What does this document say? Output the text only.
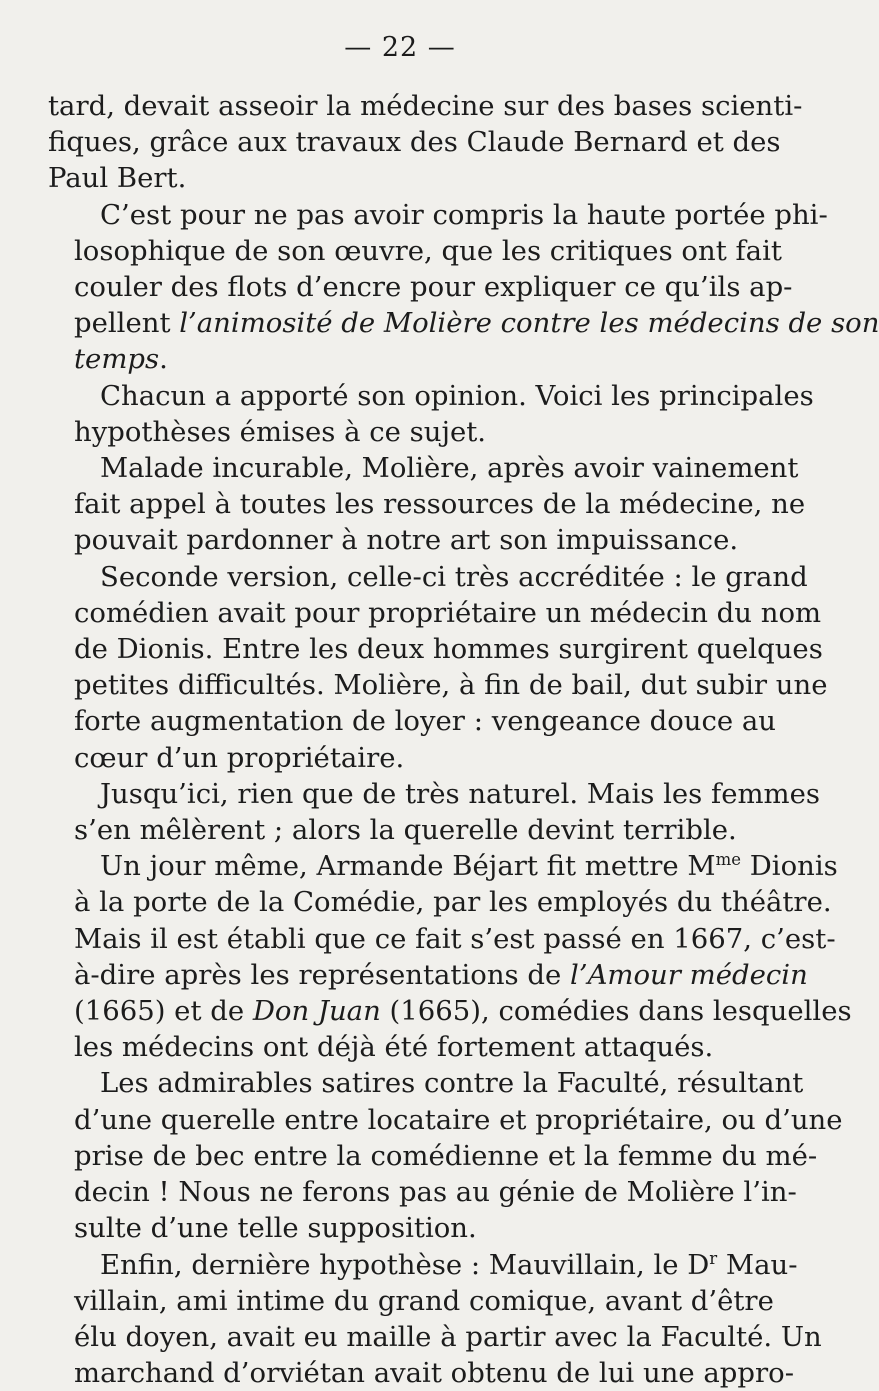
— 22 —

tard, devait asseoir la médecine sur des bases scienti-
fiques, grâce aux travaux des Claude Bernard et des
Paul Bert.

C’est pour ne pas avoir compris la haute portée phi-
losophique de son œuvre, que les critiques ont fait
couler des flots d’encre pour expliquer ce qu’ils ap-
pellent l’animosité de Molière contre les médecins de son
temps.

Chacun a apporté son opinion. Voici les principales
hypothèses émises à ce sujet.

Malade incurable, Molière, après avoir vainement
fait appel à toutes les ressources de la médecine, ne
pouvait pardonner à notre art son impuissance.

Seconde version, celle-ci très accréditée : le grand
comédien avait pour propriétaire un médecin du nom
de Dionis. Entre les deux hommes surgirent quelques
petites difficultés. Molière, à fin de bail, dut subir une
forte augmentation de loyer : vengeance douce au
cœur d’un propriétaire.

Jusqu’ici, rien que de très naturel. Mais les femmes
s’en mêlèrent ; alors la querelle devint terrible.

Un jour même, Armande Béjart fit mettre $M^{me}$ Dionis
à la porte de la Comédie, par les employés du théâtre.
Mais il est établi que ce fait s’est passé en 1667, c’est-
à-dire après les représentations de l’Amour médecin
(1665) et de Don Juan (1665), comédies dans lesquelles
les médecins ont déjà été fortement attaqués.

Les admirables satires contre la Faculté, résultant
d’une querelle entre locataire et propriétaire, ou d’une
prise de bec entre la comédienne et la femme du mé-
decin ! Nous ne ferons pas au génie de Molière l’in-
sulte d’une telle supposition.

Enfin, dernière hypothèse : Mauvillain, le $D^r$ Mau-
villain, ami intime du grand comique, avant d’être
élu doyen, avait eu maille à partir avec la Faculté. Un
marchand d’orviétan avait obtenu de lui une appro-
